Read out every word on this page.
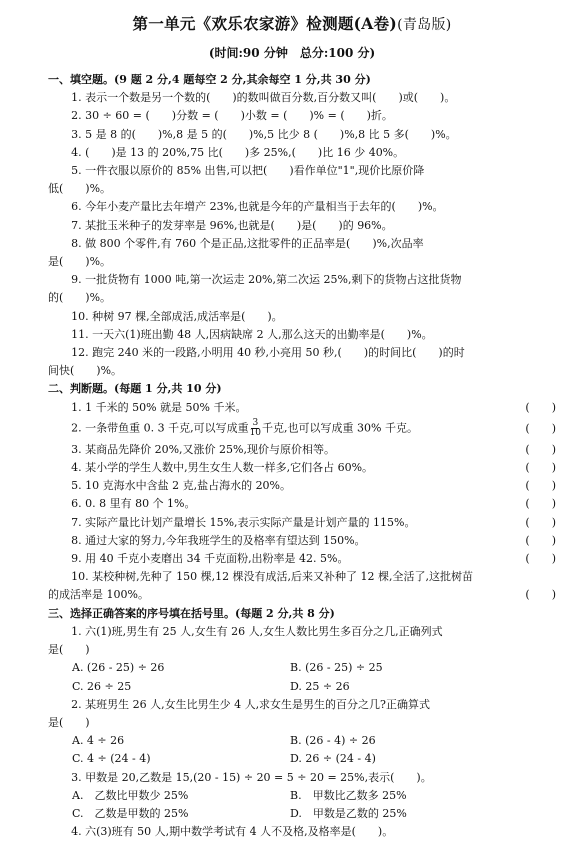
第一单元《欢乐农家游》检测题(A卷)(青岛版)
(时间:90 分钟　总分:100 分)
一、填空题。(9 题 2 分,4 题每空 2 分,其余每空 1 分,共 30 分)
1. 表示一个数是另一个数的(　　)的数叫做百分数,百分数又叫(　　)或(　　)。
2. 30 ÷ 60 = (　　)分数 = (　　)小数 = (　　)% = (　　)折。
3. 5 是 8 的(　　)%,8 是 5 的(　　)%,5 比少 8 (　　)%,8 比 5 多(　　)%。
4. (　　)是 13 的 20%,75 比(　　)多 25%,(　　)比 16 少 40%。
5. 一件衣服以原价的 85% 出售,可以把(　　)看作单位"1",现价比原价降
低(　　)%。
6. 今年小麦产量比去年增产 23%,也就是今年的产量相当于去年的(　　)%。
7. 某批玉米种子的发芽率是 96%,也就是(　　)是(　　)的 96%。
8. 做 800 个零件,有 760 个是正品,这批零件的正品率是(　　)%,次品率
是(　　)%。
9. 一批货物有 1000 吨,第一次运走 20%,第二次运 25%,剩下的货物占这批货物
的(　　)%。
10. 种树 97 棵,全部成活,成活率是(　　)。
11. 一天六(1)班出勤 48 人,因病缺席 2 人,那么这天的出勤率是(　　)%。
12. 跑完 240 米的一段路,小明用 40 秒,小亮用 50 秒,(　　)的时间比(　　)的时
间快(　　)%。
二、判断题。(每题 1 分,共 10 分)
1. 1 千米的 50% 就是 50% 千米。	(　　)
2. 一条带鱼重 0. 3 千克,可以写成重 $\frac{3}{10}$ 千克,也可以写成重 30% 千克。	(　　)
3. 某商品先降价 20%,又涨价 25%,现价与原价相等。	(　　)
4. 某小学的学生人数中,男生女生人数一样多,它们各占 60%。	(　　)
5. 10 克海水中含盐 2 克,盐占海水的 20%。	(　　)
6. 0. 8 里有 80 个 1%。	(　　)
7. 实际产量比计划产量增长 15%,表示实际产量是计划产量的 115%。	(　　)
8. 通过大家的努力,今年我班学生的及格率有望达到 150%。	(　　)
9. 用 40 千克小麦磨出 34 千克面粉,出粉率是 42. 5%。	(　　)
10. 某校种树,先种了 150 棵,12 棵没有成活,后来又补种了 12 棵,全活了,这批树苗
的成活率是 100%。	(　　)
三、选择正确答案的序号填在括号里。(每题 2 分,共 8 分)
1. 六(1)班,男生有 25 人,女生有 26 人,女生人数比男生多百分之几,正确列式
是(　　)
A. (26 - 25) ÷ 26	B. (26 - 25) ÷ 25
C. 26 ÷ 25	D. 25 ÷ 26
2. 某班男生 26 人,女生比男生少 4 人,求女生是男生的百分之几?正确算式
是(　　)
A. 4 ÷ 26	B. (26 - 4) ÷ 26
C. 4 ÷ (24 - 4)	D. 26 ÷ (24 - 4)
3. 甲数是 20,乙数是 15,(20 - 15) ÷ 20 = 5 ÷ 20 = 25%,表示(　　)。
A.　乙数比甲数少 25%	B.　甲数比乙数多 25%
C.　乙数是甲数的 25%	D.　甲数是乙数的 25%
4. 六(3)班有 50 人,期中数学考试有 4 人不及格,及格率是(　　)。
